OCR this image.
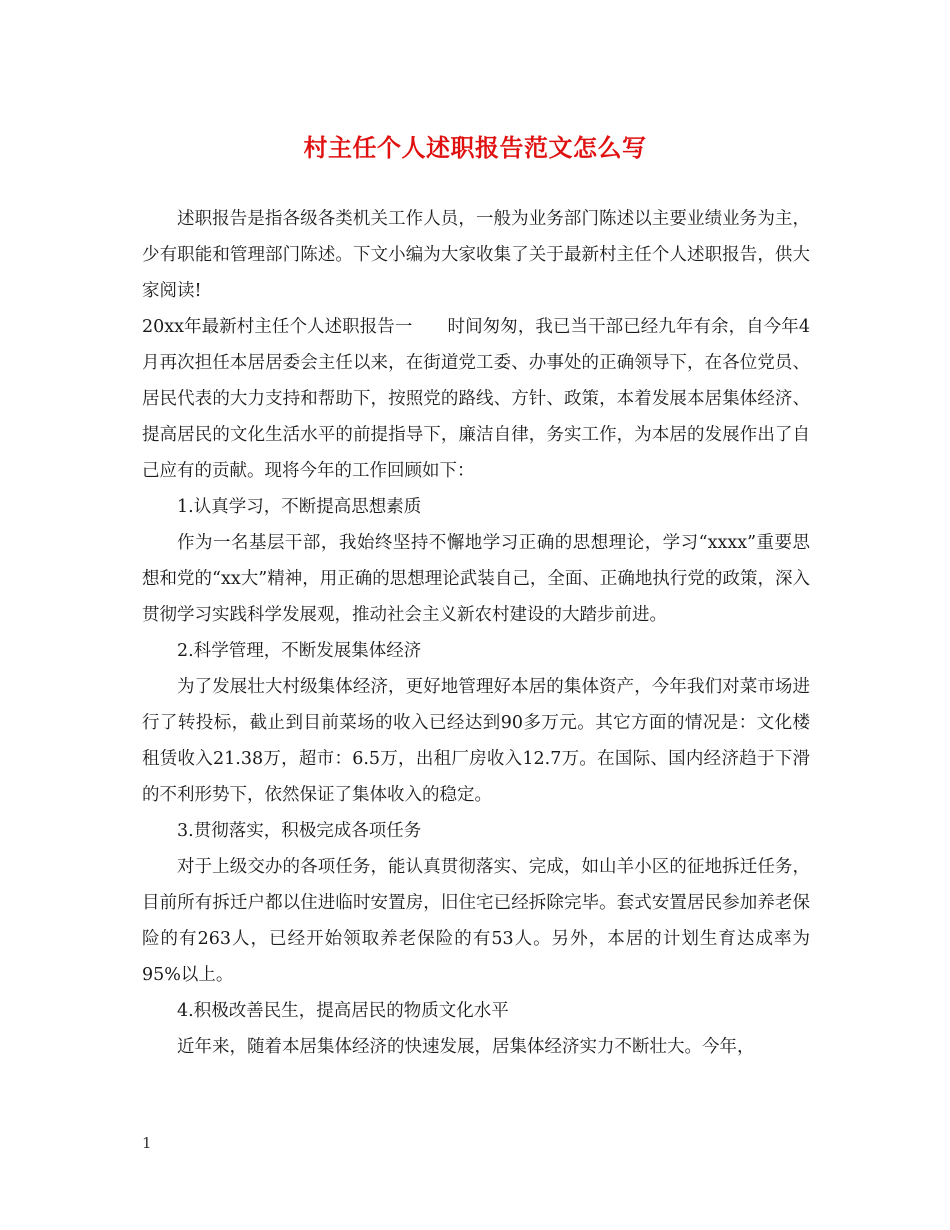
村主任个人述职报告范文怎么写

述职报告是指各级各类机关工作人员，一般为业务部门陈述以主要业绩业务为主，少有职能和管理部门陈述。下文小编为大家收集了关于最新村主任个人述职报告，供大家阅读!

20xx年最新村主任个人述职报告一　　时间匆匆，我已当干部已经九年有余，自今年4月再次担任本居居委会主任以来，在街道党工委、办事处的正确领导下，在各位党员、居民代表的大力支持和帮助下，按照党的路线、方针、政策，本着发展本居集体经济、提高居民的文化生活水平的前提指导下，廉洁自律，务实工作，为本居的发展作出了自己应有的贡献。现将今年的工作回顾如下：

1.认真学习，不断提高思想素质

作为一名基层干部，我始终坚持不懈地学习正确的思想理论，学习“xxxx”重要思想和党的“xx大”精神，用正确的思想理论武装自己，全面、正确地执行党的政策，深入贯彻学习实践科学发展观，推动社会主义新农村建设的大踏步前进。

2.科学管理，不断发展集体经济

为了发展壮大村级集体经济，更好地管理好本居的集体资产，今年我们对菜市场进行了转投标，截止到目前菜场的收入已经达到90多万元。其它方面的情况是：文化楼租赁收入21.38万，超市：6.5万，出租厂房收入12.7万。在国际、国内经济趋于下滑的不利形势下，依然保证了集体收入的稳定。

3.贯彻落实，积极完成各项任务

对于上级交办的各项任务，能认真贯彻落实、完成，如山羊小区的征地拆迁任务，目前所有拆迁户都以住进临时安置房，旧住宅已经拆除完毕。套式安置居民参加养老保险的有263人，已经开始领取养老保险的有53人。另外，本居的计划生育达成率为95%以上。

4.积极改善民生，提高居民的物质文化水平

近年来，随着本居集体经济的快速发展，居集体经济实力不断壮大。今年，

1
